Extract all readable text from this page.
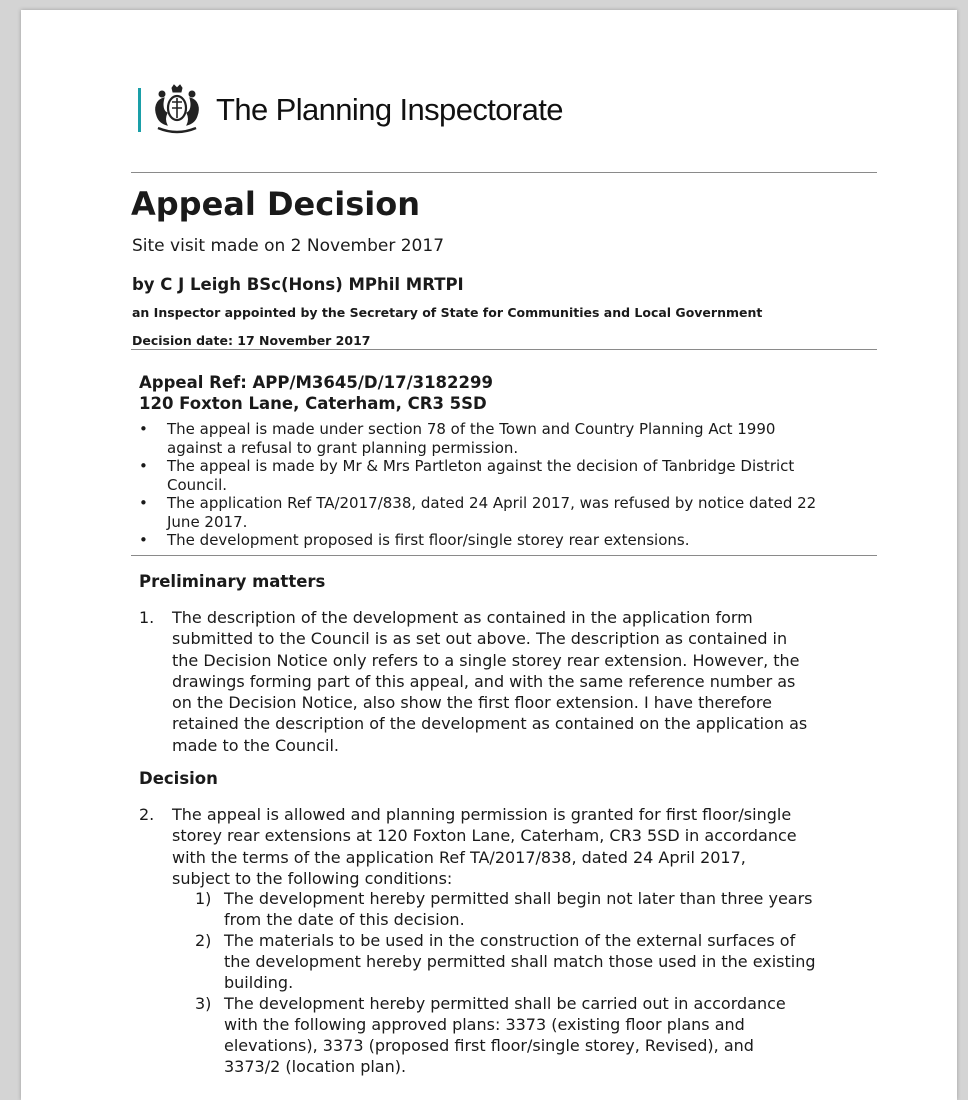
The Planning Inspectorate
Appeal Decision
Site visit made on 2 November 2017
by C J Leigh BSc(Hons) MPhil MRTPI
an Inspector appointed by the Secretary of State for Communities and Local Government
Decision date: 17 November 2017
Appeal Ref: APP/M3645/D/17/3182299
120 Foxton Lane, Caterham, CR3 5SD
• The appeal is made under section 78 of the Town and Country Planning Act 1990
against a refusal to grant planning permission.
• The appeal is made by Mr & Mrs Partleton against the decision of Tanbridge District
Council.
• The application Ref TA/2017/838, dated 24 April 2017, was refused by notice dated 22
June 2017.
• The development proposed is first floor/single storey rear extensions.
Preliminary matters
1. The description of the development as contained in the application form
submitted to the Council is as set out above. The description as contained in
the Decision Notice only refers to a single storey rear extension. However, the
drawings forming part of this appeal, and with the same reference number as
on the Decision Notice, also show the first floor extension. I have therefore
retained the description of the development as contained on the application as
made to the Council.
Decision
2. The appeal is allowed and planning permission is granted for first floor/single
storey rear extensions at 120 Foxton Lane, Caterham, CR3 5SD in accordance
with the terms of the application Ref TA/2017/838, dated 24 April 2017,
subject to the following conditions:
1) The development hereby permitted shall begin not later than three years
from the date of this decision.
2) The materials to be used in the construction of the external surfaces of
the development hereby permitted shall match those used in the existing
building.
3) The development hereby permitted shall be carried out in accordance
with the following approved plans: 3373 (existing floor plans and
elevations), 3373 (proposed first floor/single storey, Revised), and
3373/2 (location plan).
